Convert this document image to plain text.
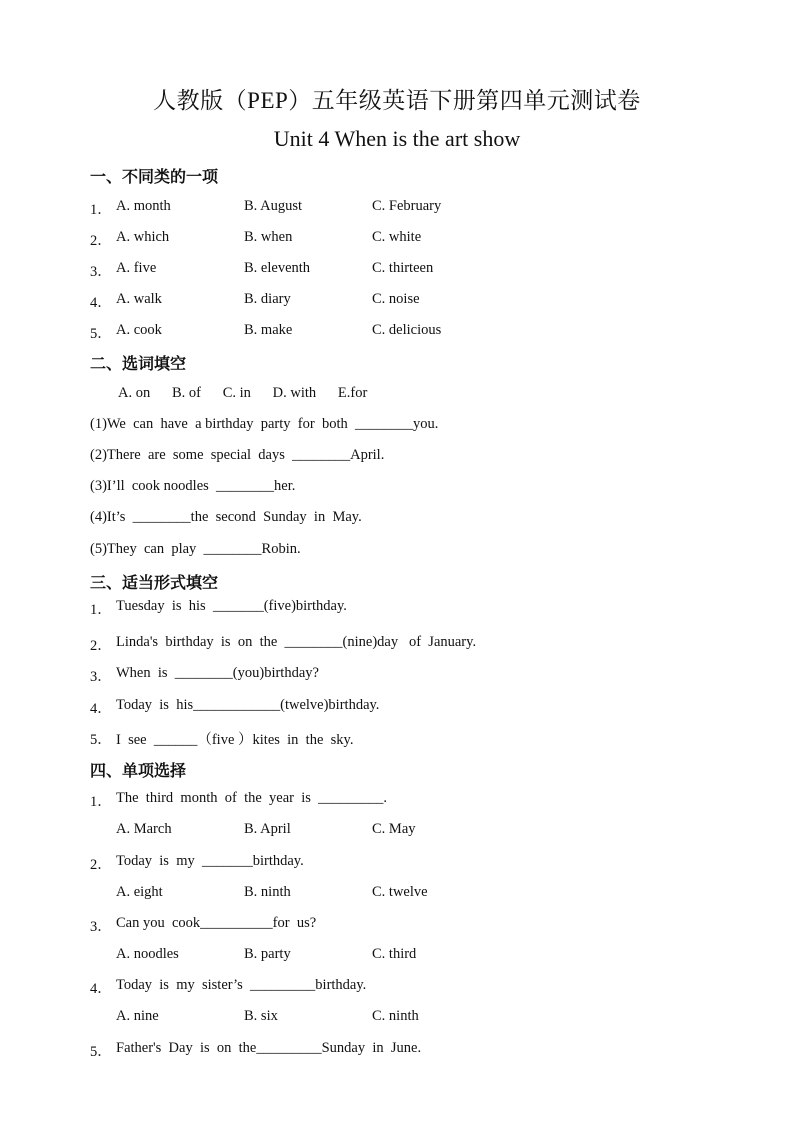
人教版（PEP）五年级英语下册第四单元测试卷
Unit 4 When is the art show
一、不同类的一项
1． A. month	B. August	C. February
2． A. which	B. when	C. white
3． A. five	B. eleventh	C. thirteen
4． A. walk	B. diary	C. noise
5． A. cook	B. make	C. delicious
二、选词填空
A. on      B. of      C. in      D. with      E.for
(1)We  can  have  a birthday  party  for  both  ________you.
(2)There  are  some  special  days  ________April.
(3)I’ll  cook noodles  ________her.
(4)It’s  ________the  second  Sunday  in  May.
(5)They  can  play  ________Robin.
三、适当形式填空
1． Tuesday  is  his  _______(five)birthday.
2． Linda's  birthday  is  on  the  ________(nine)day   of  January.
3． When  is  ________(you)birthday?
4． Today  is  his____________(twelve)birthday.
5． I  see  ______（five ）kites  in  the  sky.
四、单项选择
1． The  third  month  of  the  year  is  _________.
A. March	B. April	C. May
2． Today  is  my  _______birthday.
A. eight	B. ninth	C. twelve
3． Can you  cook__________for  us?
A. noodles	B. party	C. third
4． Today  is  my  sister’s  _________birthday.
A. nine	B. six	C. ninth
5． Father's  Day  is  on  the_________Sunday  in  June.
